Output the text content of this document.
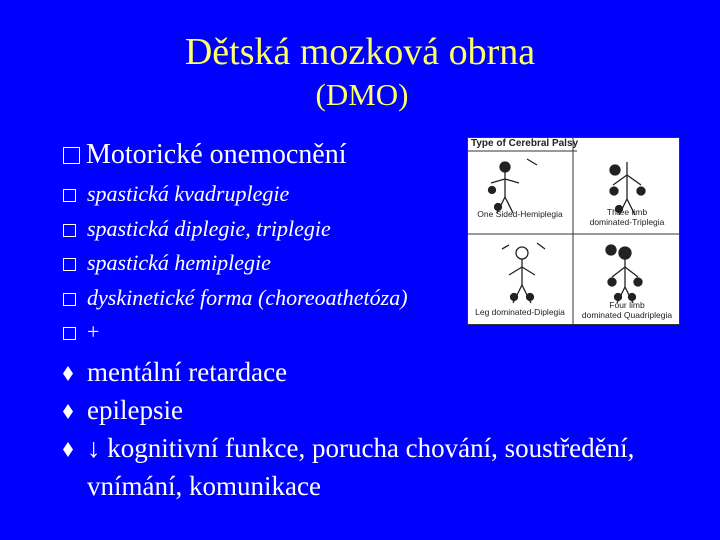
Dětská mozková obrna
(DMO)
Motorické onemocnění
spastická kvadruplegie
spastická diplegie, triplegie
spastická hemiplegie
dyskinetické forma (choreoathetóza)
+
mentální retardace
epilepsie
↓ kognitivní funkce, porucha chování, soustředění,
vnímání, komunikace
Type of Cerebral Palsy
One Sided-Hemiplegia	Three limb
dominated-Triplegia
Leg dominated-Diplegia
Four limb
dominated Quadriplegia
